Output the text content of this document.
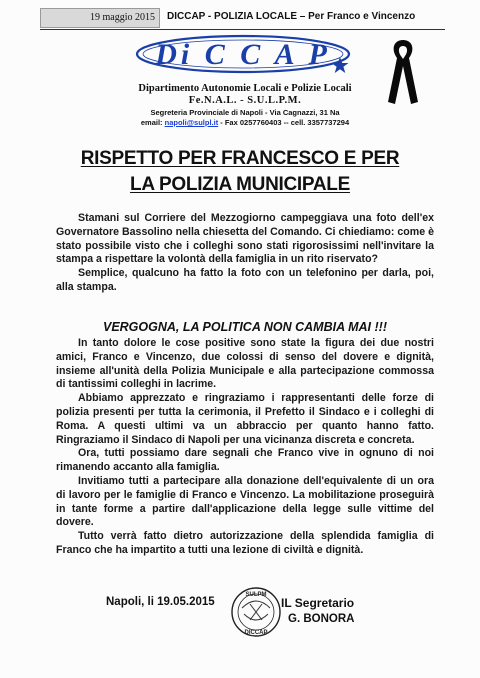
19 maggio 2015	DICCAP - POLIZIA LOCALE – Per Franco e Vincenzo
Di C C A P
Dipartimento Autonomie Locali e Polizie Locali
Fe.N.A.L. - S.U.L.P.M.
Segreteria Provinciale di Napoli - Via Cagnazzi, 31 Na
email: napoli@sulpl.it - Fax 0257760403 -- cell. 3357737294
RISPETTO PER FRANCESCO E PER
LA POLIZIA MUNICIPALE

Stamani sul Corriere del Mezzogiorno campeggiava una foto dell'ex Governatore Bassolino nella chiesetta del Comando. Ci chiediamo: come è stato possibile visto che i colleghi sono stati rigorosissimi nell'invitare la stampa a rispettare la volontà della famiglia in un rito riservato?

Semplice, qualcuno ha fatto la foto con un telefonino per darla, poi, alla stampa.

VERGOGNA, LA POLITICA NON CAMBIA MAI !!!

In tanto dolore le cose positive sono state la figura dei due nostri amici, Franco e Vincenzo, due colossi di senso del dovere e dignità, insieme all'unità della Polizia Municipale e alla partecipazione commossa di tantissimi colleghi in lacrime.

Abbiamo apprezzato e ringraziamo i rappresentanti delle forze di polizia presenti per tutta la cerimonia, il Prefetto il Sindaco e i colleghi di Roma. A questi ultimi va un abbraccio per quanto hanno fatto. Ringraziamo il Sindaco di Napoli per una vicinanza discreta e concreta.

Ora, tutti possiamo dare segnali che Franco vive in ognuno di noi rimanendo accanto alla famiglia.

Invitiamo tutti a partecipare alla donazione dell'equivalente di un ora di lavoro per le famiglie di Franco e Vincenzo. La mobilitazione proseguirà in tante forme a partire dall'applicazione della legge sulle vittime del dovere.

Tutto verrà fatto dietro autorizzazione della splendida famiglia di Franco che ha impartito a tutti una lezione di civiltà e dignità.

Napoli, li 19.05.2015
SULPM
DICCAP
IL Segretario
G. BONORA
